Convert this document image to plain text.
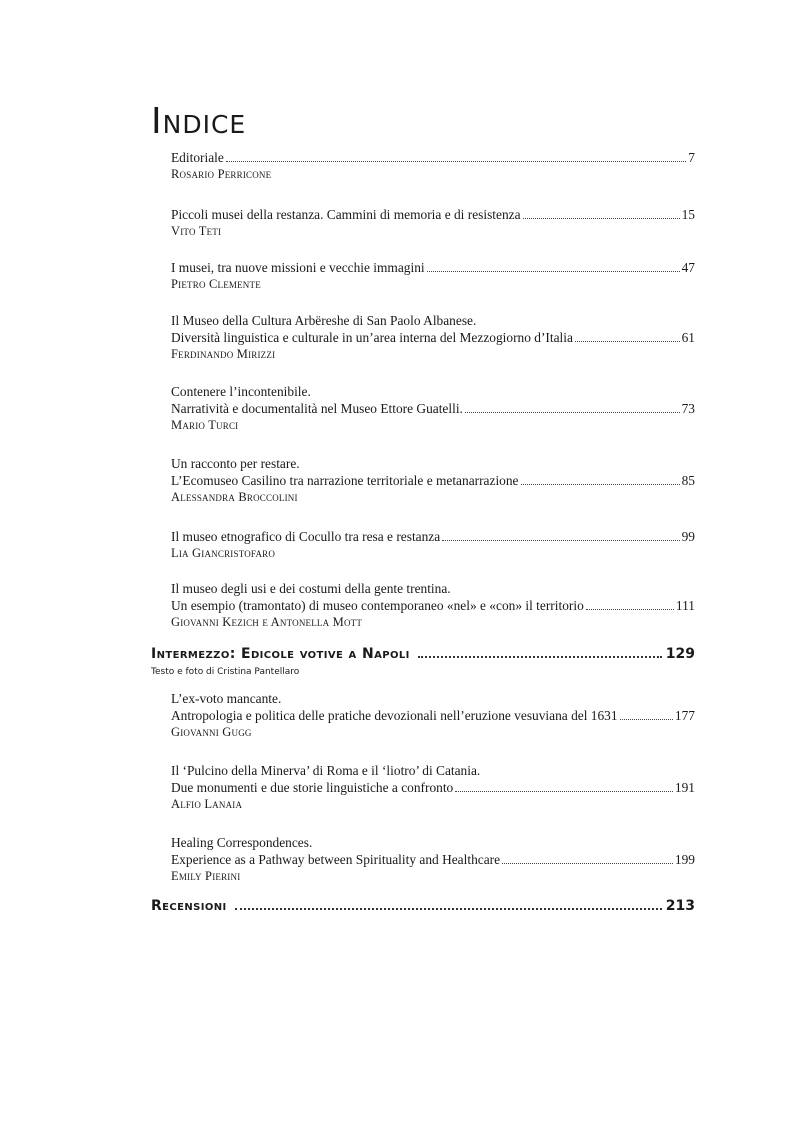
Indice
Editoriale	7
Rosario Perricone
Piccoli musei della restanza. Cammini di memoria e di resistenza	15
Vito Teti
I musei, tra nuove missioni e vecchie immagini	47
Pietro Clemente
Il Museo della Cultura Arbëreshe di San Paolo Albanese.
Diversità linguistica e culturale in un’area interna del Mezzogiorno d’Italia	61
Ferdinando Mirizzi
Contenere l’incontenibile.
Narratività e documentalità nel Museo Ettore Guatelli.	73
Mario Turci
Un racconto per restare.
L’Ecomuseo Casilino tra narrazione territoriale e metanarrazione	85
Alessandra Broccolini
Il museo etnografico di Cocullo tra resa e restanza	99
Lia Giancristofaro
Il museo degli usi e dei costumi della gente trentina.
Un esempio (tramontato) di museo contemporaneo «nel» e «con» il territorio	111
Giovanni Kezich e Antonella Mott
Intermezzo: Edicole votive a Napoli	129
Testo e foto di Cristina Pantellaro
L’ex-voto mancante.
Antropologia e politica delle pratiche devozionali nell’eruzione vesuviana del 1631	177
Giovanni Gugg
Il ‘Pulcino della Minerva’ di Roma e il ‘liotro’ di Catania.
Due monumenti e due storie linguistiche a confronto	191
Alfio Lanaia
Healing Correspondences.
Experience as a Pathway between Spirituality and Healthcare	199
Emily Pierini
Recensioni	213
